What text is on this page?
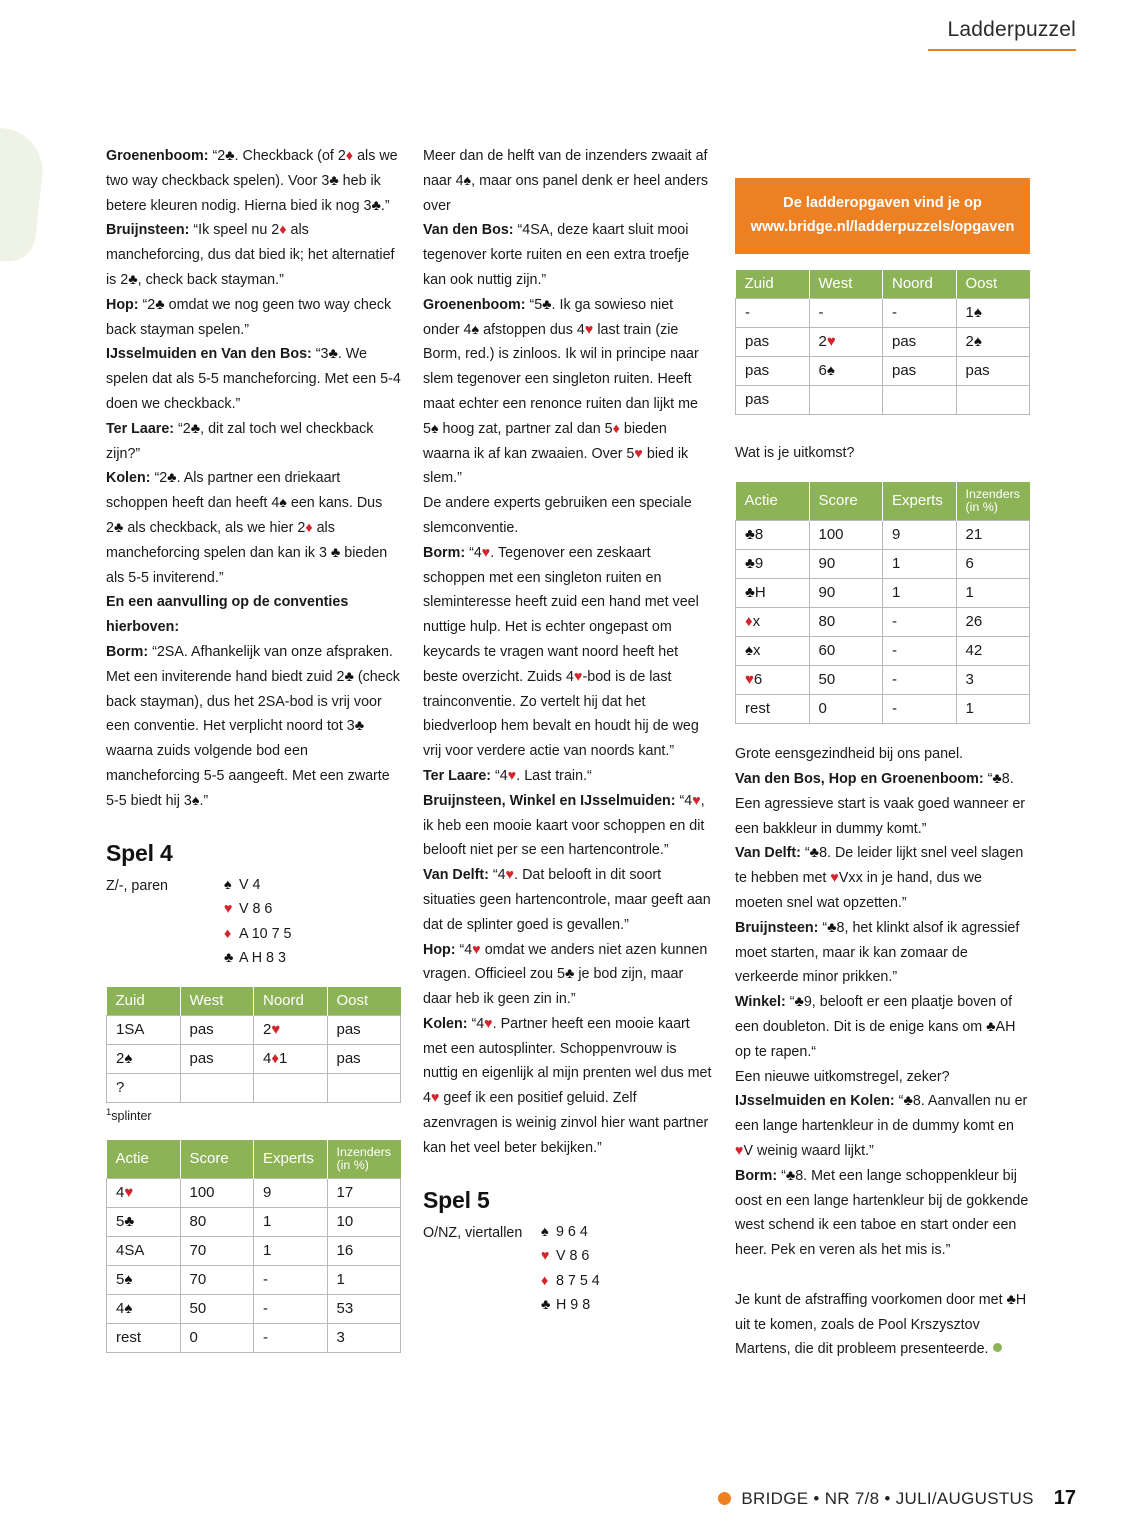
Ladderpuzzel

Groenenboom: “2♣. Checkback (of 2♦ als we two way checkback spelen). Voor 3♣ heb ik betere kleuren nodig. Hierna bied ik nog 3♣.”

Bruijnsteen: “Ik speel nu 2♦ als mancheforcing, dus dat bied ik; het alternatief is 2♣, check back stayman.”

Hop: “2♣ omdat we nog geen two way check back stayman spelen.”

IJsselmuiden en Van den Bos: “3♣. We spelen dat als 5-5 mancheforcing. Met een 5-4 doen we checkback.”

Ter Laare: “2♣, dit zal toch wel checkback zijn?”

Kolen: “2♣. Als partner een driekaart schoppen heeft dan heeft 4♠ een kans. Dus 2♣ als checkback, als we hier 2♦ als mancheforcing spelen dan kan ik 3 ♣ bieden als 5-5 inviterend.”

En een aanvulling op de conventies hierboven:

Borm: “2SA. Afhankelijk van onze afspraken. Met een inviterende hand biedt zuid 2♣ (check back stayman), dus het 2SA-bod is vrij voor een conventie. Het verplicht noord tot 3♣ waarna zuids volgende bod een mancheforcing 5-5 aangeeft. Met een zwarte 5-5 biedt hij 3♠.”

Spel 4
Z/-, paren	♠ V 4
♥ V 8 6
♦ A 10 7 5
♣ A H 8 3
Zuid	West	Noord	Oost
1SA	pas	2♥	pas
2♠	pas	4♦1	pas
?			
$^1$splinter
Actie	Score	Experts	Inzenders
(in %)

4♥	100	9	17
5♣	80	1	10
4SA	70	1	16
5♠	70	-	1
4♠	50	-	53
rest	0	-	3

Meer dan de helft van de inzenders zwaait af naar 4♠, maar ons panel denk er heel anders over

Van den Bos: “4SA, deze kaart sluit mooi tegenover korte ruiten en een extra troefje kan ook nuttig zijn.”

Groenenboom: “5♣. Ik ga sowieso niet onder 4♠ afstoppen dus 4♥ last train (zie Borm, red.) is zinloos. Ik wil in principe naar slem tegenover een singleton ruiten. Heeft maat echter een renonce ruiten dan lijkt me 5♠ hoog zat, partner zal dan 5♦ bieden waarna ik af kan zwaaien. Over 5♥ bied ik slem.”

De andere experts gebruiken een speciale slemconventie.

Borm: “4♥. Tegenover een zeskaart schoppen met een singleton ruiten en sleminteresse heeft zuid een hand met veel nuttige hulp. Het is echter ongepast om keycards te vragen want noord heeft het beste overzicht. Zuids 4♥-bod is de last trainconventie. Zo vertelt hij dat het biedverloop hem bevalt en houdt hij de weg vrij voor verdere actie van noords kant.”

Ter Laare: “4♥. Last train.“

Bruijnsteen, Winkel en IJsselmuiden: “4♥, ik heb een mooie kaart voor schoppen en dit belooft niet per se een hartencontrole.”

Van Delft: “4♥. Dat belooft in dit soort situaties geen hartencontrole, maar geeft aan dat de splinter goed is gevallen.”

Hop: “4♥ omdat we anders niet azen kunnen vragen. Officieel zou 5♣ je bod zijn, maar daar heb ik geen zin in.”

Kolen: “4♥. Partner heeft een mooie kaart met een autosplinter. Schoppenvrouw is nuttig en eigenlijk al mijn prenten wel dus met 4♥ geef ik een positief geluid. Zelf azenvragen is weinig zinvol hier want partner kan het veel beter bekijken.”

Spel 5
O/NZ, viertallen	♠ 9 6 4
♥ V 8 6
♦ 8 7 5 4
♣ H 9 8
De ladderopgaven vind je op
www.bridge.nl/ladderpuzzels/opgaven
Zuid	West	Noord	Oost
-	-	-	1♠
pas	2♥	pas	2♠
pas	6♠	pas	pas
pas			

Wat is je uitkomst?

Actie	Score	Experts	Inzenders
(in %)

♣8	100	9	21
♣9	90	1	6
♣H	90	1	1
♦x	80	-	26
♠x	60	-	42
♥6	50	-	3
rest	0	-	1

Grote eensgezindheid bij ons panel.

Van den Bos, Hop en Groenenboom: “♣8. Een agressieve start is vaak goed wanneer er een bakkleur in dummy komt.”

Van Delft: “♣8. De leider lijkt snel veel slagen te hebben met ♥Vxx in je hand, dus we moeten snel wat opzetten.”

Bruijnsteen: “♣8, het klinkt alsof ik agressief moet starten, maar ik kan zomaar de verkeerde minor prikken.”

Winkel: “♣9, belooft er een plaatje boven of een doubleton. Dit is de enige kans om ♣AH op te rapen.“

Een nieuwe uitkomstregel, zeker?

IJsselmuiden en Kolen: “♣8. Aanvallen nu er een lange hartenkleur in de dummy komt en ♥V weinig waard lijkt.”

Borm: “♣8. Met een lange schoppenkleur bij oost en een lange hartenkleur bij de gokkende west schend ik een taboe en start onder een heer. Pek en veren als het mis is.”

Je kunt de afstraffing voorkomen door met ♣H uit te komen, zoals de Pool Krszysztov Martens, die dit probleem presenteerde.

BRIDGE • NR 7/8 • JULI/AUGUSTUS 17
